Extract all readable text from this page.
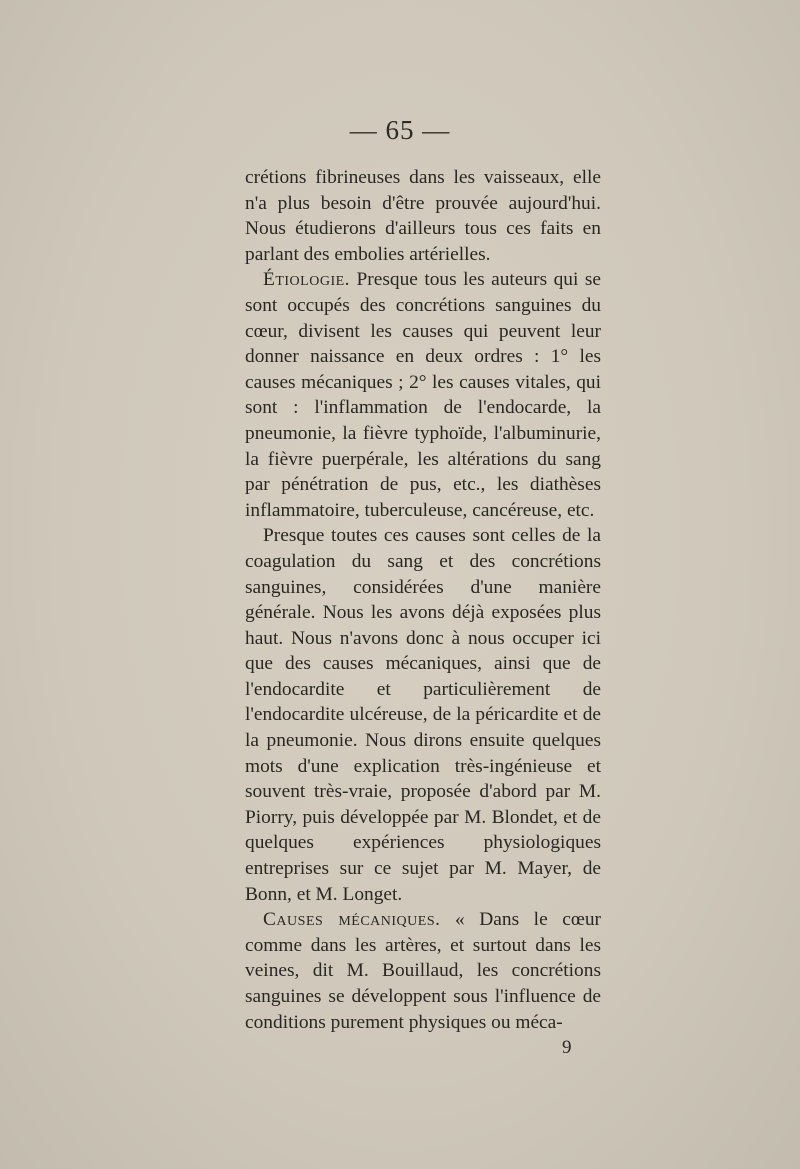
— 65 —

crétions fibrineuses dans les vaisseaux, elle n'a plus besoin d'être prouvée aujourd'hui. Nous étudierons d'ailleurs tous ces faits en parlant des embolies artérielles.

Étiologie. Presque tous les auteurs qui se sont occupés des concrétions sanguines du cœur, divisent les causes qui peuvent leur donner naissance en deux ordres : 1° les causes mécaniques ; 2° les causes vitales, qui sont : l'inflammation de l'endocarde, la pneumonie, la fièvre typhoïde, l'albuminurie, la fièvre puerpérale, les altérations du sang par pénétration de pus, etc., les diathèses inflammatoire, tuberculeuse, cancéreuse, etc.

Presque toutes ces causes sont celles de la coagulation du sang et des concrétions sanguines, considérées d'une manière générale. Nous les avons déjà exposées plus haut. Nous n'avons donc à nous occuper ici que des causes mécaniques, ainsi que de l'endocardite et particulièrement de l'endocardite ulcéreuse, de la péricardite et de la pneumonie. Nous dirons ensuite quelques mots d'une explication très-ingénieuse et souvent très-vraie, proposée d'abord par M. Piorry, puis développée par M. Blondet, et de quelques expériences physiologiques entreprises sur ce sujet par M. Mayer, de Bonn, et M. Longet.

Causes mécaniques. « Dans le cœur comme dans les artères, et surtout dans les veines, dit M. Bouillaud, les concrétions sanguines se développent sous l'influence de conditions purement physiques ou méca-

9
